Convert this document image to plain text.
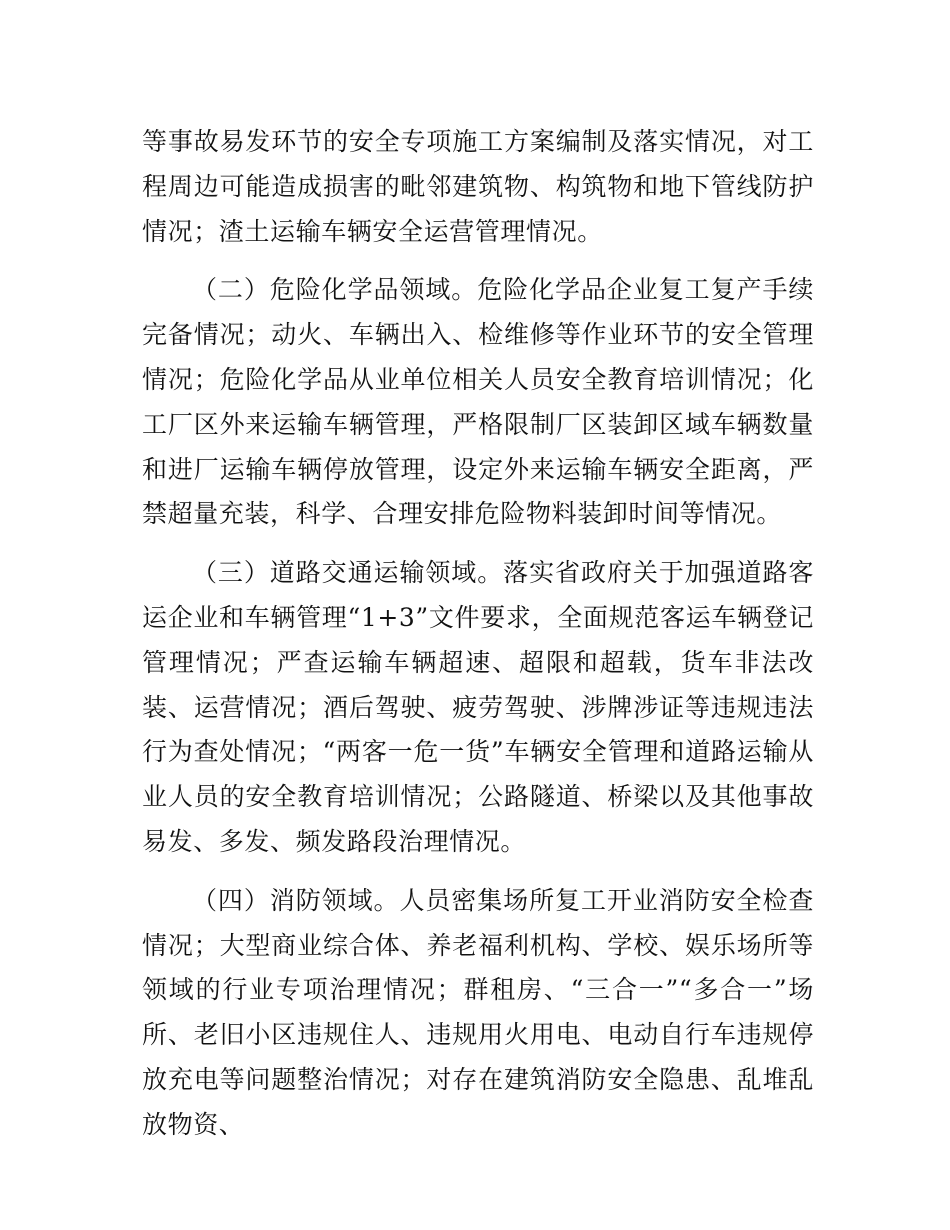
等事故易发环节的安全专项施工方案编制及落实情况，对工程周边可能造成损害的毗邻建筑物、构筑物和地下管线防护情况；渣土运输车辆安全运营管理情况。

（二）危险化学品领域。危险化学品企业复工复产手续完备情况；动火、车辆出入、检维修等作业环节的安全管理情况；危险化学品从业单位相关人员安全教育培训情况；化工厂区外来运输车辆管理，严格限制厂区装卸区域车辆数量和进厂运输车辆停放管理，设定外来运输车辆安全距离，严禁超量充装，科学、合理安排危险物料装卸时间等情况。

（三）道路交通运输领域。落实省政府关于加强道路客运企业和车辆管理“1+3”文件要求，全面规范客运车辆登记管理情况；严查运输车辆超速、超限和超载，货车非法改装、运营情况；酒后驾驶、疲劳驾驶、涉牌涉证等违规违法行为查处情况；“两客一危一货”车辆安全管理和道路运输从业人员的安全教育培训情况；公路隧道、桥梁以及其他事故易发、多发、频发路段治理情况。

（四）消防领域。人员密集场所复工开业消防安全检查情况；大型商业综合体、养老福利机构、学校、娱乐场所等领域的行业专项治理情况；群租房、“三合一”“多合一”场所、老旧小区违规住人、违规用火用电、电动自行车违规停放充电等问题整治情况；对存在建筑消防安全隐患、乱堆乱放物资、
